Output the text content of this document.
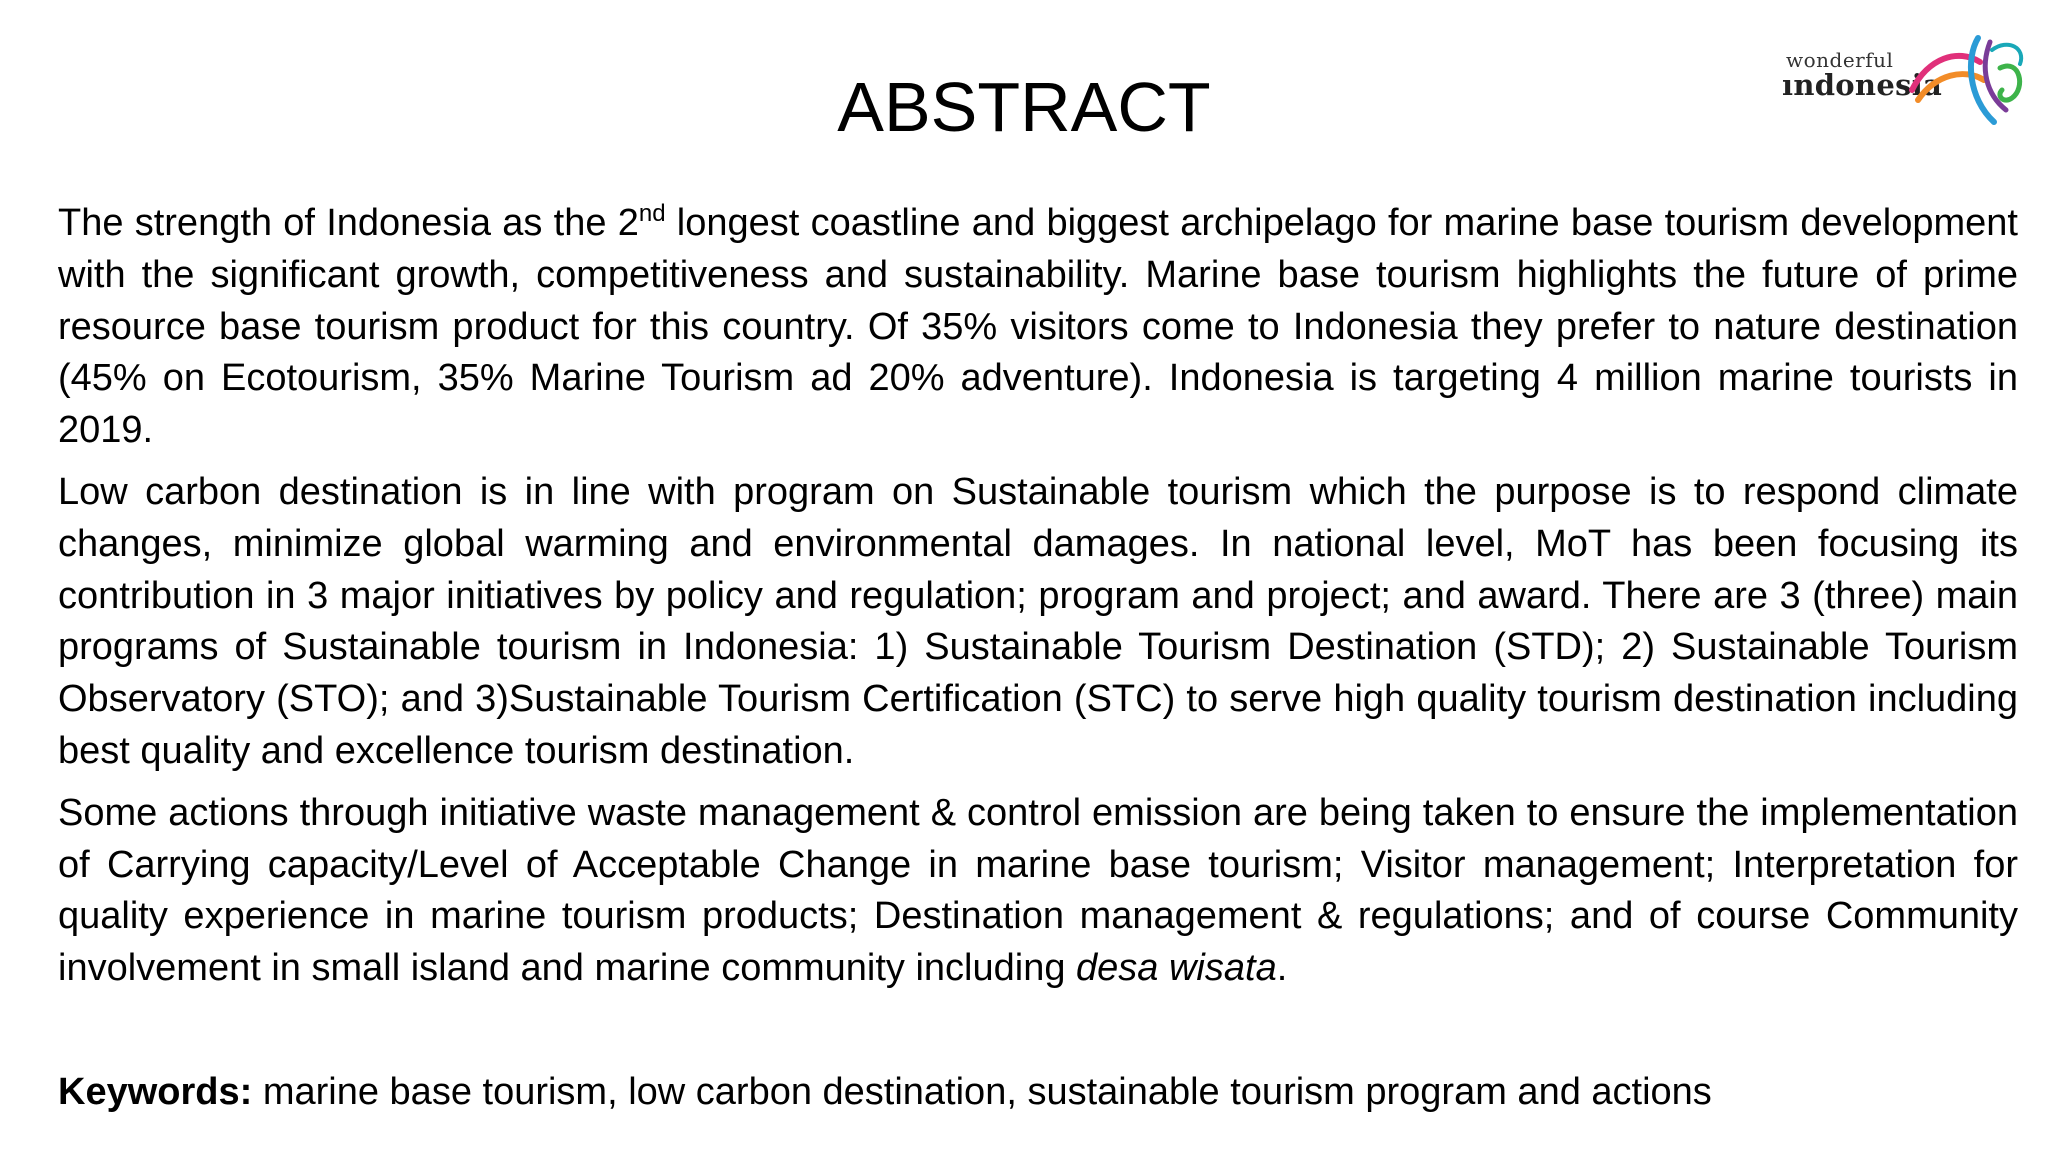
ABSTRACT
wonderful
ındonesia

The strength of Indonesia as the 2nd longest coastline and biggest archipelago for marine base tourism development with the significant growth, competitiveness and sustainability. Marine base tourism highlights the future of prime resource base tourism product for this country. Of 35% visitors come to Indonesia they prefer to nature destination (45% on Ecotourism, 35% Marine Tourism ad 20% adventure). Indonesia is targeting 4 million marine tourists in 2019.

Low carbon destination is in line with program on Sustainable tourism which the purpose is to respond climate changes, minimize global warming and environmental damages. In national level, MoT has been focusing its contribution in 3 major initiatives by policy and regulation; program and project; and award. There are 3 (three) main programs of Sustainable tourism in Indonesia: 1) Sustainable Tourism Destination (STD); 2) Sustainable Tourism Observatory (STO); and 3)Sustainable Tourism Certification (STC) to serve high quality tourism destination including best quality and excellence tourism destination.

Some actions through initiative waste management & control emission are being taken to ensure the implementation of Carrying capacity/Level of Acceptable Change in marine base tourism; Visitor management; Interpretation for quality experience in marine tourism products; Destination management & regulations; and of course Community involvement in small island and marine community including desa wisata.

Keywords: marine base tourism, low carbon destination, sustainable tourism program and actions
